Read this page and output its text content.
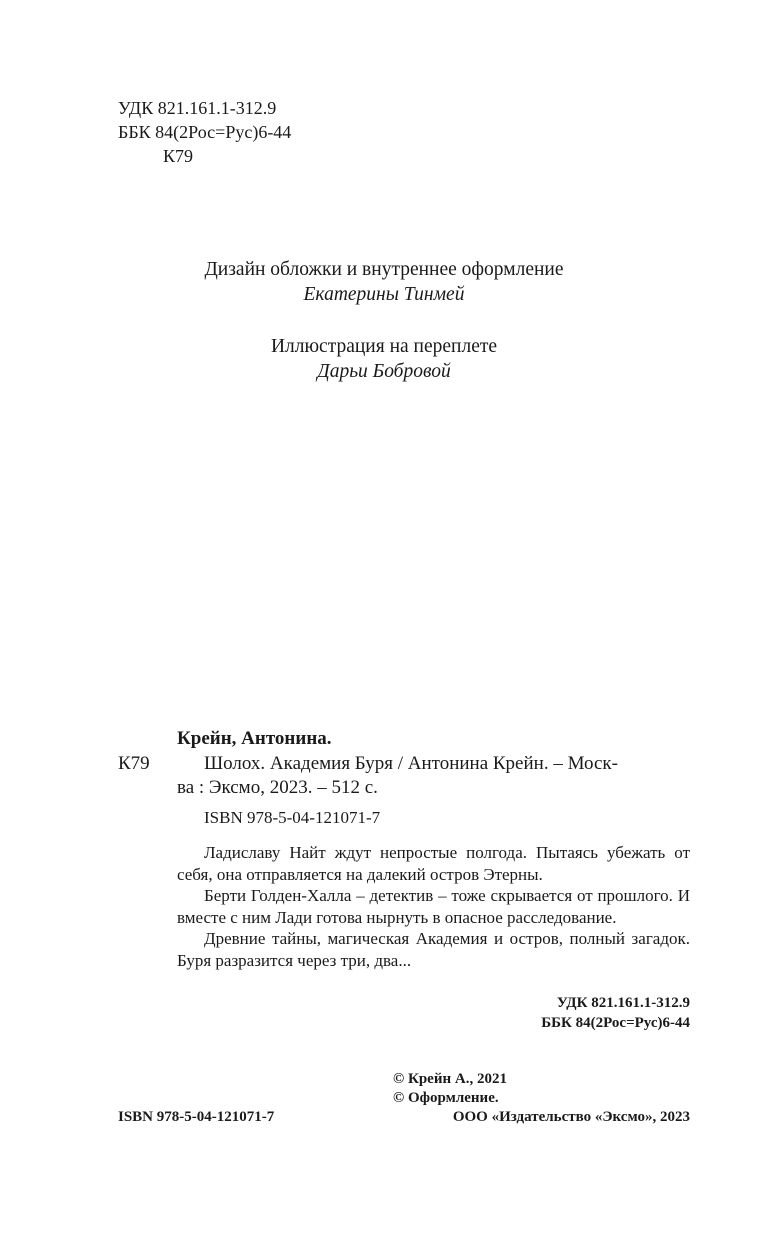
УДК 821.161.1-312.9
ББК 84(2Рос=Рус)6-44
К79
Дизайн обложки и внутреннее оформление
Екатерины Тинмей
Иллюстрация на переплете
Дарьи Бобровой
Крейн, Антонина.
К79	Шолох. Академия Буря / Антонина Крейн. – Моск-
ва : Эксмо, 2023. – 512 с.
ISBN 978-5-04-121071-7

Ладиславу Найт ждут непростые полгода. Пытаясь убежать от себя, она отправляется на далекий остров Этерны.

Берти Голден-Халла – детектив – тоже скрывается от прошлого. И вместе с ним Лади готова нырнуть в опасное расследование.

Древние тайны, магическая Академия и остров, полный загадок. Буря разразится через три, два...

УДК 821.161.1-312.9
ББК 84(2Рос=Рус)6-44
© Крейн А., 2021
© Оформление.
ООО «Издательство «Эксмо», 2023
ISBN 978-5-04-121071-7
